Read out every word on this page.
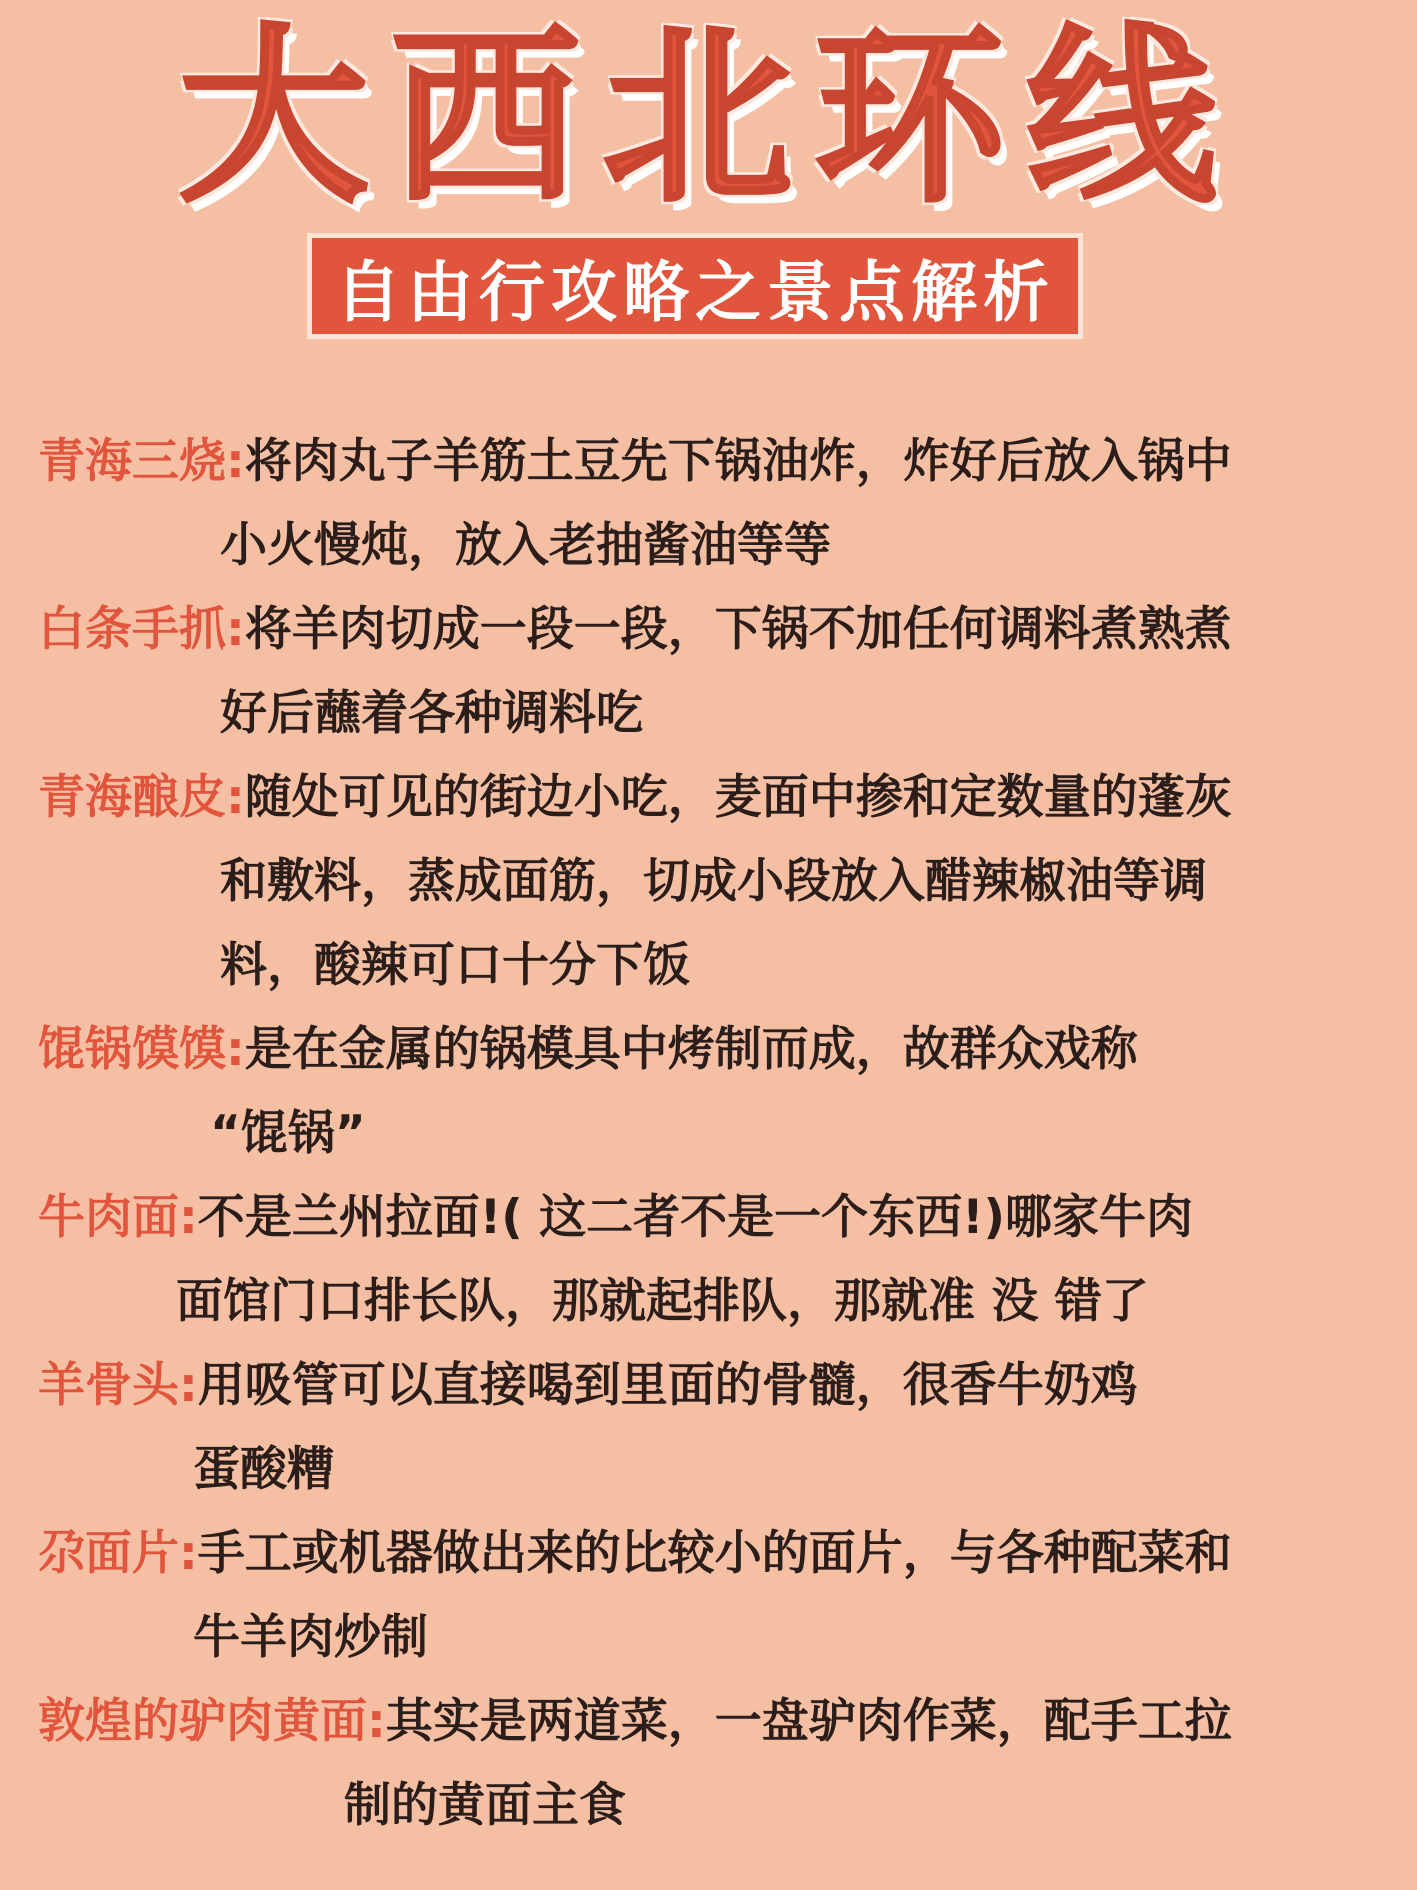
大西北环线
自由行攻略之景点解析
青海三烧:将肉丸子羊筋土豆先下锅油炸，炸好后放入锅中
小火慢炖，放入老抽酱油等等
白条手抓:将羊肉切成一段一段，下锅不加任何调料煮熟煮
好后蘸着各种调料吃
青海酿皮:随处可见的街边小吃，麦面中掺和定数量的蓬灰
和敷料，蒸成面筋，切成小段放入醋辣椒油等调
料，酸辣可口十分下饭
馄锅馍馍:是在金属的锅模具中烤制而成，故群众戏称
“馄锅”
牛肉面:不是兰州拉面!( 这二者不是一个东西!)哪家牛肉
面馆门口排长队，那就起排队，那就准 没 错了
羊骨头:用吸管可以直接喝到里面的骨髓，很香牛奶鸡
蛋酸糟
尕面片:手工或机器做出来的比较小的面片，与各种配菜和
牛羊肉炒制
敦煌的驴肉黄面:其实是两道菜，一盘驴肉作菜，配手工拉
制的黄面主食
